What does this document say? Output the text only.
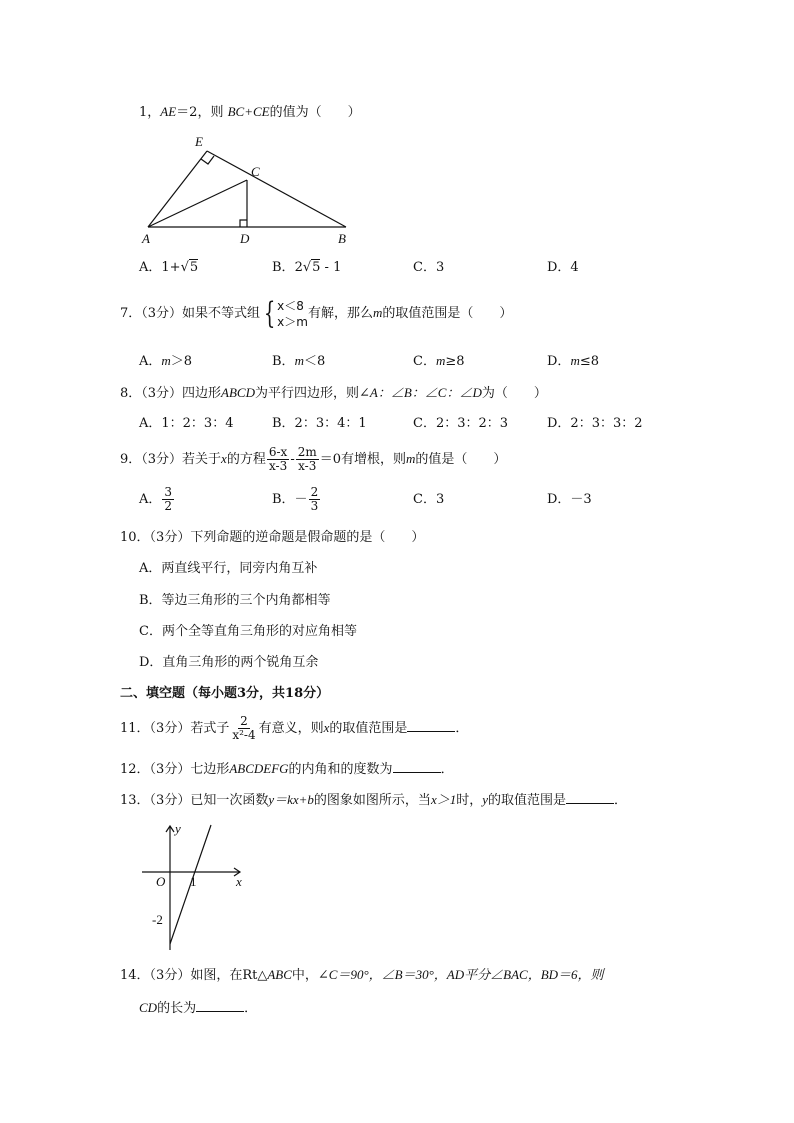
1，AE＝2，则 BC+CE的值为（　　）
E
C
A	D	B
A．1+√5	B．2√5 - 1	C．3	D．4
7．（3分）如果不等式组 { x＜8
x＞m
有解，那么m的取值范围是（　　）
A．m＞8	B．m＜8	C．m≥8	D．m≤8
8．（3分）四边形ABCD为平行四边形，则∠A：∠B：∠C：∠D为（　　）
A．1：2：3：4	B．2：3：4：1	C．2：3：2：3	D．2：3：3：2
9．（3分）若关于x的方程 $\frac{6-x}{x-3} - \frac{2m}{x-3} =0$有增根，则m的值是（　　）
A． $\frac{3}{2}$	B．－ $\frac{2}{3}$	C．3	D．－3
10．（3分）下列命题的逆命题是假命题的是（　　）
A．两直线平行，同旁内角互补
B．等边三角形的三个内角都相等
C．两个全等直角三角形的对应角相等
D．直角三角形的两个锐角互余
二、填空题（每小题3分，共18分）
11．（3分）若式子 $\frac{2}{\text{x²-4}}$ 有意义，则x的取值范围是	．
12．（3分）七边形ABCDEFG的内角和的度数为	．
13．（3分）已知一次函数y＝kx+b的图象如图所示，当x＞1时，y的取值范围是	．
y
x
O 1
-2
14．（3分）如图，在Rt△ABC中，∠C＝90°，∠B＝30°，AD平分∠BAC，BD＝6，则
CD的长为	．
